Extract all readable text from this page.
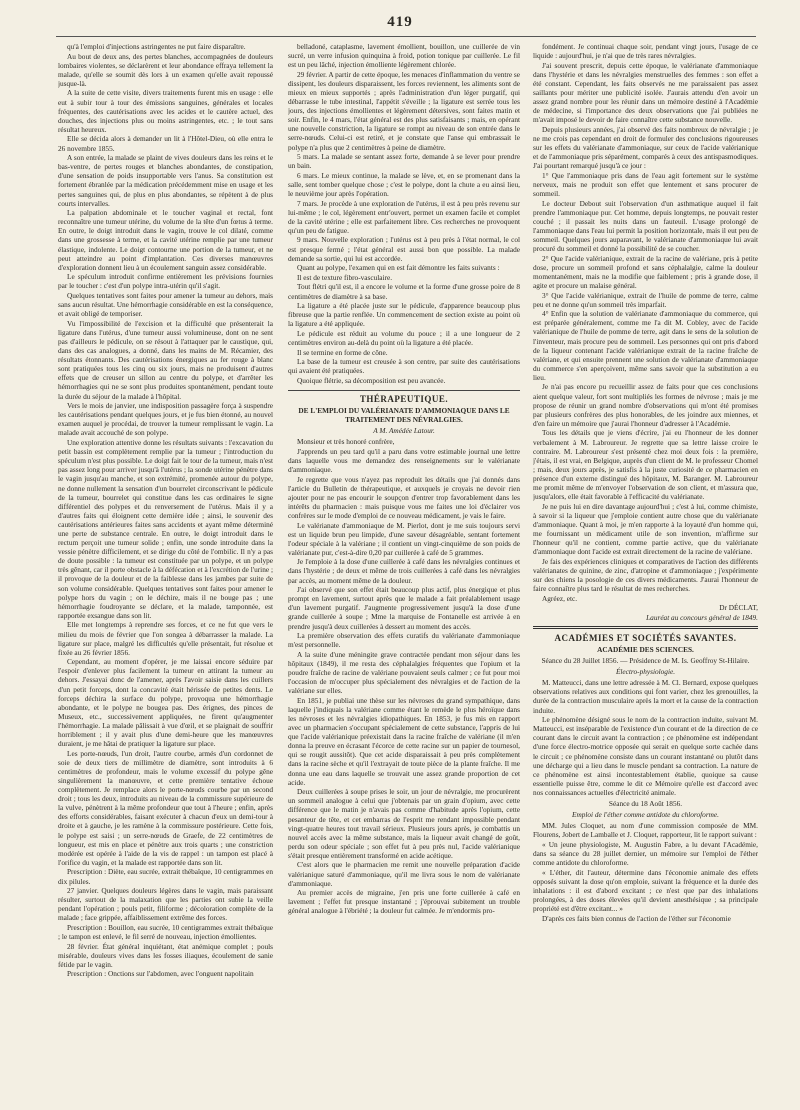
419

qu'à l'emploi d'injections astringentes ne put faire disparaître.

Au bout de deux ans, des pertes blanches, accompagnées de douleurs lombaires violentes, se déclarèrent et leur abondance effraya tellement la malade, qu'elle se soumit dès lors à un examen qu'elle avait repoussé jusque-là.

A la suite de cette visite, divers traitements furent mis en usage : elle eut à subir tour à tour des émissions sanguines, générales et locales fréquentes, des cautérisations avec les acides et le cautère actuel, des douches, des injections plus ou moins astringentes, etc. ; le tout sans résultat heureux.

Elle se décida alors à demander un lit à l'Hôtel-Dieu, où elle entra le 26 novembre 1855.

A son entrée, la malade se plaint de vives douleurs dans les reins et le bas-ventre, de pertes rouges et blanches abondantes, de constipation, d'une sensation de poids insupportable vers l'anus. Sa constitution est fortement ébranlée par la médication précédemment mise en usage et les pertes sanguines qui, de plus en plus abondantes, se répètent à de plus courts intervalles.

La palpation abdominale et le toucher vaginal et rectal, font reconnaître une tumeur utérine, du volume de la tête d'un fœtus à terme. En outre, le doigt introduit dans le vagin, trouve le col dilaté, comme dans une grossesse à terme, et la cavité utérine remplie par une tumeur élastique, indolente. Le doigt contourne une portion de la tumeur, et ne peut atteindre au point d'implantation. Ces diverses manœuvres d'exploration donnent lieu à un écoulement sanguin assez considérable.

Le spéculum introduit confirme entièrement les prévisions fournies par le toucher : c'est d'un polype intra-utérin qu'il s'agit.

Quelques tentatives sont faites pour amener la tumeur au dehors, mais sans aucun résultat. Une hémorrhagie considérable en est la conséquence, et avait obligé de temporiser.

Vu l'impossibilité de l'excision et la difficulté que présenterait la ligature dans l'utérus, d'une tumeur aussi volumineuse, dont on ne sent pas d'ailleurs le pédicule, on se résout à l'attaquer par le caustique, qui, dans des cas analogues, a donné, dans les mains de M. Récamier, des résultats étonnants. Des cautérisations énergiques au fer rouge à blanc sont pratiquées tous les cinq ou six jours, mais ne produisent d'autres effets que de creuser un sillon au centre du polype, et d'arrêter les hémorrhagies qui ne se sont plus produites spontanément, pendant toute la durée du séjour de la malade à l'hôpital.

Vers le mois de janvier, une indisposition passagère força à suspendre les cautérisations pendant quelques jours, et je fus bien étonné, au nouvel examen auquel je procédai, de trouver la tumeur remplissant le vagin. La malade avait accouché de son polype.

Une exploration attentive donne les résultats suivants : l'excavation du petit bassin est complètement remplie par la tumeur ; l'introduction du spéculum n'est plus possible. Le doigt fait le tour de la tumeur, mais n'est pas assez long pour arriver jusqu'à l'utérus ; la sonde utérine pénètre dans le vagin jusqu'au manche, et son extrémité, promenée autour du polype, ne donne nullement la sensation d'un bourrelet circonscrivant le pédicule de la tumeur, bourrelet qui constitue dans les cas ordinaires le signe différentiel des polypes et du renversement de l'utérus. Mais il y a d'autres faits qui éloignent cette dernière idée ; ainsi, le souvenir des cautérisations antérieures faites sans accidents et ayant même déterminé une perte de substance centrale. En outre, le doigt introduit dans le rectum perçoit une tumeur solide ; enfin, une sonde introduite dans la vessie pénètre difficilement, et se dirige du côté de l'ombilic. Il n'y a pas de doute possible : la tumeur est constituée par un polype, et un polype très gênant, car il porte obstacle à la défécation et à l'excrétion de l'urine ; il provoque de la douleur et de la faiblesse dans les jambes par suite de son volume considérable. Quelques tentatives sont faites pour amener le polype hors du vagin ; on le déchire, mais il ne bouge pas ; une hémorrhagie foudroyante se déclare, et la malade, tamponnée, est rapportée exsangue dans son lit.

Elle met longtemps à reprendre ses forces, et ce ne fut que vers le milieu du mois de février que l'on songea à débarrasser la malade. La ligature sur place, malgré les difficultés qu'elle présentait, fut résolue et fixée au 26 février 1856.

Cependant, au moment d'opérer, je me laissai encore séduire par l'espoir d'enlever plus facilement la tumeur en attirant la tumeur au dehors. J'essayai donc de l'amener, après l'avoir saisie dans les cuillers d'un petit forceps, dont la concavité était hérissée de petites dents. Le forceps déchira la surface du polype, provoqua une hémorrhagie abondante, et le polype ne bougea pas. Des érignes, des pinces de Museux, etc., successivement appliquées, ne firent qu'augmenter l'hémorrhagie. La malade pâlissait à vue d'œil, et se plaignait de souffrir horriblement ; il y avait plus d'une demi-heure que les manœuvres duraient, je me hâtai de pratiquer la ligature sur place.

Les porte-nœuds, l'un droit, l'autre courbe, armés d'un cordonnet de soie de deux tiers de millimètre de diamètre, sont introduits à 6 centimètres de profondeur, mais le volume excessif du polype gêne singulièrement la manœuvre, et cette première tentative échoue complètement. Je remplace alors le porte-nœuds courbe par un second droit ; tous les deux, introduits au niveau de la commissure supérieure de la vulve, pénètrent à la même profondeur que tout à l'heure ; enfin, après des efforts considérables, faisant exécuter à chacun d'eux un demi-tour à droite et à gauche, je les ramène à la commissure postérieure. Cette fois, le polype est saisi ; un serre-nœuds de Graefe, de 22 centimètres de longueur, est mis en place et pénètre aux trois quarts ; une constriction modérée est opérée à l'aide de la vis de rappel : un tampon est placé à l'orifice du vagin, et la malade est rapportée dans son lit.

Prescription : Diète, eau sucrée, extrait thébaïque, 10 centigrammes en dix pilules.

27 janvier. Quelques douleurs légères dans le vagin, mais paraissant résulter, surtout de la malaxation que les parties ont subie la veille pendant l'opération ; pouls petit, filiforme ; décoloration complète de la malade ; face grippée, affaiblissement extrême des forces.

Prescription : Bouillon, eau sucrée, 10 centigrammes extrait thébaïque ; le tampon est enlevé, le fil serré de nouveau, injection émollientes.

28 février. État général inquiétant, état anémique complet ; pouls misérable, douleurs vives dans les fosses iliaques, écoulement de sanie fétide par le vagin.

Prescription : Onctions sur l'abdomen, avec l'onguent napolitain

belladoné, cataplasme, lavement émollient, bouillon, une cuillerée de vin sucré, un verre infusion quinquina à froid, potion tonique par cuillerée. Le fil est un peu lâché, injection émolliente légèrement chlorée.

29 février. A partir de cette époque, les menaces d'inflammation du ventre se dissipent, les douleurs disparaissent, les forces reviennent, les aliments sont de mieux en mieux supportés ; après l'administration d'un léger purgatif, qui débarrasse le tube intestinal, l'appétit s'éveille ; la ligature est serrée tous les jours, des injections émollientes et légèrement détersives, sont faites matin et soir. Enfin, le 4 mars, l'état général est des plus satisfaisants ; mais, en opérant une nouvelle constriction, la ligature se rompt au niveau de son entrée dans le serre-nœuds. Celui-ci est retiré, et je constate que l'anse qui embrassait le polype n'a plus que 2 centimètres à peine de diamètre.

5 mars. La malade se sentant assez forte, demande à se lever pour prendre un bain.

6 mars. Le mieux continue, la malade se lève, et, en se promenant dans la salle, sent tomber quelque chose ; c'est le polype, dont la chute a eu ainsi lieu, le neuvième jour après l'opération.

7 mars. Je procède à une exploration de l'utérus, il est à peu près revenu sur lui-même ; le col, légèrement entr'ouvert, permet un examen facile et complet de la cavité utérine ; elle est parfaitement libre. Ces recherches ne provoquent qu'un peu de fatigue.

9 mars. Nouvelle exploration ; l'utérus est à peu près à l'état normal, le col est presque fermé ; l'état général est aussi bon que possible. La malade demande sa sortie, qui lui est accordée.

Quant au polype, l'examen qui en est fait démontre les faits suivants :

Il est de texture fibro-vasculaire.

Tout flétri qu'il est, il a encore le volume et la forme d'une grosse poire de 8 centimètres de diamètre à sa base.

La ligature a été placée juste sur le pédicule, d'apparence beaucoup plus fibreuse que la partie renflée. Un commencement de section existe au point où la ligature a été appliquée.

Le pédicule est réduit au volume du pouce ; il a une longueur de 2 centimètres environ au-delà du point où la ligature a été placée.

Il se termine en forme de cône.

La base de la tumeur est creusée à son centre, par suite des cautérisations qui avaient été pratiquées.

Quoique flétrie, sa décomposition est peu avancée.

THÉRAPEUTIQUE.
DE L'EMPLOI DU VALÉRIANATE D'AMMONIAQUE DANS LE TRAITEMENT DES NÉVRALGIES.
A M. Amédée Latour.

Monsieur et très honoré confrère,

J'apprends un peu tard qu'il a paru dans votre estimable journal une lettre dans laquelle vous me demandez des renseignements sur le valérianate d'ammoniaque.

Je regrette que vous n'ayez pas reproduit les détails que j'ai donnés dans l'article du Bulletin de thérapeutique, et auxquels je croyais ne devoir rien ajouter pour ne pas encourir le soupçon d'entrer trop favorablement dans les intérêts du pharmacien : mais puisque vous me faites une loi d'éclairer vos confrères sur le mode d'emploi de ce nouveau médicament, je vais le faire.

Le valérianate d'ammoniaque de M. Pierlot, dont je me suis toujours servi est un liquide brun peu limpide, d'une saveur désagréable, sentant fortement l'odeur spéciale à la valériane ; il contient un vingt-cinquième de son poids de valérianate pur, c'est-à-dire 0,20 par cuillerée à café de 5 grammes.

Je l'emploie à la dose d'une cuillerée à café dans les névralgies continues et dans l'hystérie ; de deux et même de trois cuillerées à café dans les névralgies par accès, au moment même de la douleur.

J'ai observé que son effet était beaucoup plus actif, plus énergique et plus prompt en lavement, surtout après que le malade a fait préalablement usage d'un lavement purgatif. J'augmente progressivement jusqu'à la dose d'une grande cuillerée à soupe ; Mme la marquise de Fontanelle est arrivée à en prendre jusqu'à deux cuillerées à dessert au moment des accès.

La première observation des effets curatifs du valérianate d'ammoniaque m'est personnelle.

A la suite d'une méningite grave contractée pendant mon séjour dans les hôpitaux (1849), il me resta des céphalalgies fréquentes que l'opium et la poudre fraîche de racine de valériane pouvaient seuls calmer ; ce fut pour moi l'occasion de m'occuper plus spécialement des névralgies et de l'action de la valériane sur elles.

En 1851, je publiai une thèse sur les névroses du grand sympathique, dans laquelle j'indiquais la valériane comme étant le remède le plus héroïque dans les névroses et les névralgies idiopathiques. En 1853, je fus mis en rapport avec un pharmacien s'occupant spécialement de cette substance, l'appris de lui que l'acide valérianique préexistait dans la racine fraîche de valériane (il m'en donna la preuve en écrasant l'écorce de cette racine sur un papier de tournesol, qui se rougit aussitôt). Que cet acide disparaissait à peu près complètement dans la racine sèche et qu'il l'extrayait de toute pièce de la plante fraîche. Il me donna une eau dans laquelle se trouvait une assez grande proportion de cet acide.

Deux cuillerées à soupe prises le soir, un jour de névralgie, me procurèrent un sommeil analogue à celui que j'obtenais par un grain d'opium, avec cette différence que le matin je n'avais pas comme d'habitude après l'opium, cette pesanteur de tête, et cet embarras de l'esprit me rendant impossible pendant vingt-quatre heures tout travail sérieux. Plusieurs jours après, je combattis un nouvel accès avec la même substance, mais la liqueur avait changé de goût, perdu son odeur spéciale ; son effet fut à peu près nul, l'acide valérianique s'était presque entièrement transformé en acide acétique.

C'est alors que le pharmacien me remit une nouvelle préparation d'acide valérianique saturé d'ammoniaque, qu'il me livra sous le nom de valérianate d'ammoniaque.

Au premier accès de migraine, j'en pris une forte cuillerée à café en lavement ; l'effet fut presque instantané ; j'éprouvai subitement un trouble général analogue à l'ébriété ; la douleur fut calmée. Je m'endormis pro-

fondément. Je continuai chaque soir, pendant vingt jours, l'usage de ce liquide : aujourd'hui, je n'ai que de très rares névralgies.

J'ai souvent prescrit, depuis cette époque, le valérianate d'ammoniaque dans l'hystérie et dans les névralgies menstruelles des femmes : son effet a été constant. Cependant, les faits observés ne me paraissaient pas assez saillants pour mériter une publicité isolée. J'aurais attendu d'en avoir un assez grand nombre pour les réunir dans un mémoire destiné à l'Académie de médecine, si l'importance des deux observations que j'ai publiées ne m'avait imposé le devoir de faire connaître cette substance nouvelle.

Depuis plusieurs années, j'ai observé des faits nombreux de névralgie ; je ne me crois pas cependant en droit de formuler des conclusions rigoureuses sur les effets du valérianate d'ammoniaque, sur ceux de l'acide valérianique et de l'ammoniaque pris séparément, comparés à ceux des antispasmodiques. J'ai pourtant remarqué jusqu'à ce jour :

1° Que l'ammoniaque pris dans de l'eau agit fortement sur le système nerveux, mais ne produit son effet que lentement et sans procurer de sommeil.

Le docteur Debout suit l'observation d'un asthmatique auquel il fait prendre l'ammoniaque pur. Cet homme, depuis longtemps, ne pouvait rester couché ; il passait les nuits dans un fauteuil. L'usage prolongé de l'ammoniaque dans l'eau lui permit la position horizontale, mais il eut peu de sommeil. Quelques jours auparavant, le valérianate d'ammoniaque lui avait procuré du sommeil et donné la possibilité de se coucher.

2° Que l'acide valérianique, extrait de la racine de valériane, pris à petite dose, procure un sommeil profond et sans céphalalgie, calme la douleur momentanément, mais ne la modifie que faiblement ; pris à grande dose, il agite et procure un malaise général.

3° Que l'acide valérianique, extrait de l'huile de pomme de terre, calme peu et ne donne qu'un sommeil très imparfait.

4° Enfin que la solution de valérianate d'ammoniaque du commerce, qui est préparée généralement, comme me l'a dit M. Cobley, avec de l'acide valérianique de l'huile de pomme de terre, agit dans le sens de la solution de l'inventeur, mais procure peu de sommeil. Les personnes qui ont pris d'abord de la liqueur contenant l'acide valérianique extrait de la racine fraîche de valériane, et qui ensuite prennent une solution de valérianate d'ammoniaque du commerce s'en aperçoivent, même sans savoir que la substitution a eu lieu.

Je n'ai pas encore pu recueillir assez de faits pour que ces conclusions aient quelque valeur, fort sont multipliés les formes de névrose ; mais je me propose de réunir un grand nombre d'observations qui m'ont été promises par plusieurs confrères des plus honorables, de les joindre aux miennes, et d'en faire un mémoire que j'aurai l'honneur d'adresser à l'Académie.

Tous les détails que je viens d'écrire, j'ai eu l'honneur de les donner verbalement à M. Labroureur. Je regrette que sa lettre laisse croire le contraire. M. Labroureur s'est présenté chez moi deux fois : la première, j'étais, il est vrai, en Belgique, auprès d'un client de M. le professeur Chomel ; mais, deux jours après, je satisfis à la juste curiosité de ce pharmacien en présence d'un externe distingué des hôpitaux, M. Baranger. M. Labroureur me promit même de m'envoyer l'observation de son client, et m'assura que, jusqu'alors, elle était favorable à l'efficacité du valérianate.

Je ne puis lui en dire davantage aujourd'hui ; c'est à lui, comme chimiste, à savoir si la liqueur que j'emploie contient autre chose que du valérianate d'ammoniaque. Quant à moi, je m'en rapporte à la loyauté d'un homme qui, me fournissant un médicament utile de son invention, m'affirme sur l'honneur qu'il ne contient, comme partie active, que du valérianate d'ammoniaque dont l'acide est extrait directement de la racine de valériane.

Je fais des expériences cliniques et comparatives de l'action des différents valérianates de quinine, de zinc, d'atropine et d'ammoniaque ; j'expérimente sur des chiens la posologie de ces divers médicaments. J'aurai l'honneur de faire connaître plus tard le résultat de mes recherches.

Agréez, etc.

Dr DÉCLAT,

Lauréat au concours général de 1849.

ACADÉMIES ET SOCIÉTÉS SAVANTES.
ACADÉMIE DES SCIENCES.
Séance du 28 Juillet 1856. — Présidence de M. Is. Geoffroy St-Hilaire.
Électro-physiologie.

M. Matteucci, dans une lettre adressée à M. Cl. Bernard, expose quelques observations relatives aux conditions qui font varier, chez les grenouilles, la durée de la contraction musculaire après la mort et la cause de la contraction induite.

Le phénomène désigné sous le nom de la contraction induite, suivant M. Matteucci, est inséparable de l'existence d'un courant et de la direction de ce courant dans le circuit avant la contraction ; ce phénomène est indépendant d'une force électro-motrice opposée qui serait en quelque sorte cachée dans le circuit ; ce phénomène consiste dans un courant instantané ou plutôt dans une décharge qui a lieu dans le muscle pendant sa contraction. La nature de ce phénomène est ainsi incontestablement établie, quoique sa cause essentielle puisse être, comme le dit ce Mémoire qu'elle est d'accord avec nos connaissances actuelles d'électricité animale.

Séance du 18 Août 1856.
Emploi de l'éther comme antidote du chloroforme.

MM. Jules Cloquet, au nom d'une commission composée de MM. Flourens, Jobert de Lamballe et J. Cloquet, rapporteur, lit le rapport suivant :

« Un jeune physiologiste, M. Augustin Fabre, a lu devant l'Académie, dans sa séance du 28 juillet dernier, un mémoire sur l'emploi de l'éther comme antidote du chloroforme.

« L'éther, dit l'auteur, détermine dans l'économie animale des effets opposés suivant la dose qu'on emploie, suivant la fréquence et la durée des inhalations : il est d'abord excitant ; ce n'est que par des inhalations prolongées, à des doses élevées qu'il devient anesthésique ; sa principale propriété est d'être excitant... »

D'après ces faits bien connus de l'action de l'éther sur l'économie
